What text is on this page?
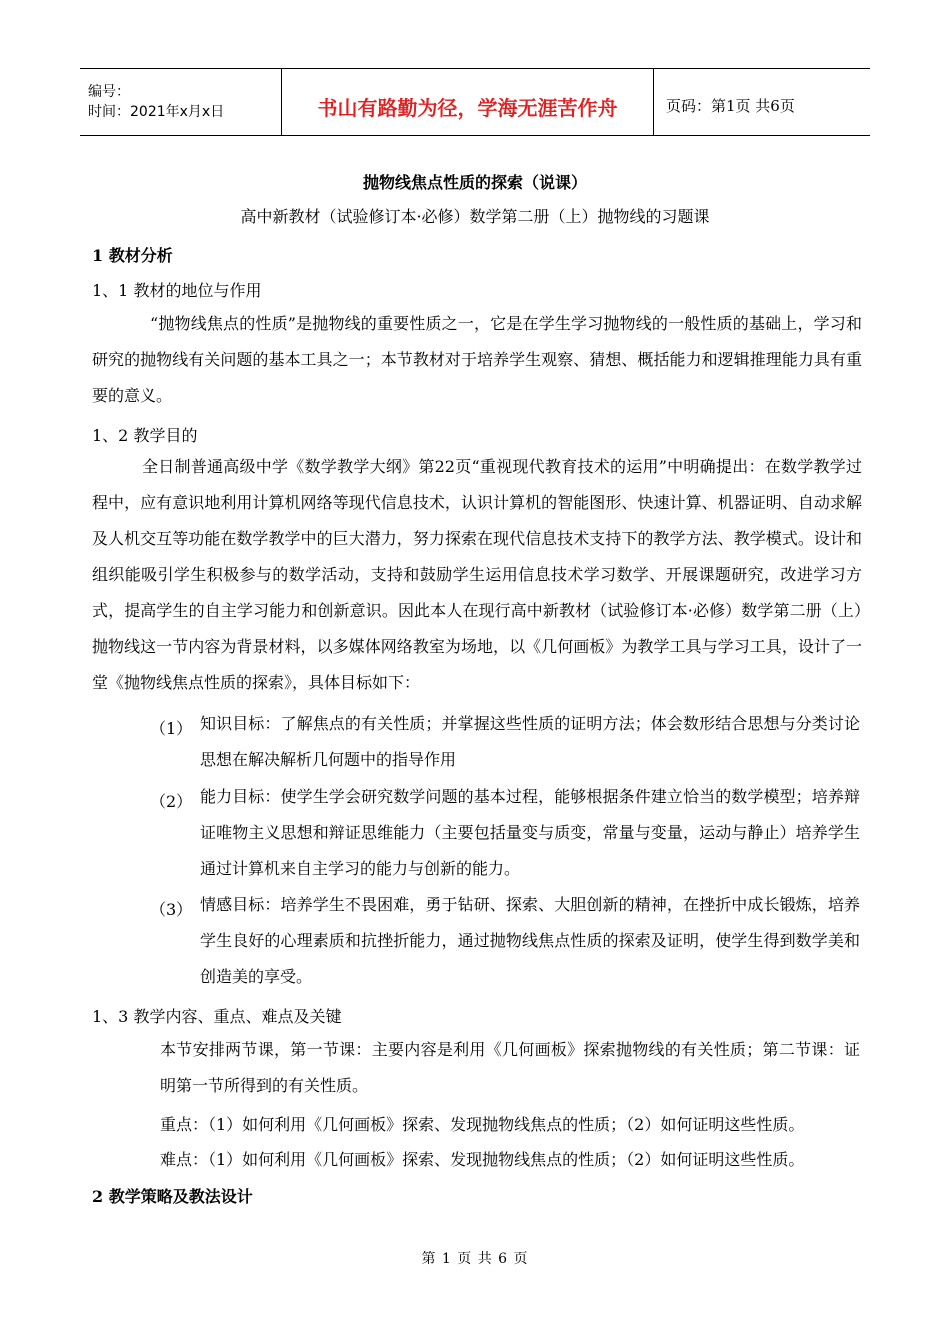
编号：
时间：2021年x月x日	书山有路勤为径，学海无涯苦作舟	页码：第1页 共6页
抛物线焦点性质的探索（说课）
高中新教材（试验修订本·必修）数学第二册（上）抛物线的习题课
1 教材分析
1、1 教材的地位与作用
“抛物线焦点的性质”是抛物线的重要性质之一，它是在学生学习抛物线的一般性质的基础上，学习和研究的抛物线有关问题的基本工具之一；本节教材对于培养学生观察、猜想、概括能力和逻辑推理能力具有重要的意义。
1、2 教学目的
全日制普通高级中学《数学教学大纲》第22页“重视现代教育技术的运用”中明确提出：在数学教学过程中，应有意识地利用计算机网络等现代信息技术，认识计算机的智能图形、快速计算、机器证明、自动求解及人机交互等功能在数学教学中的巨大潜力，努力探索在现代信息技术支持下的教学方法、教学模式。设计和组织能吸引学生积极参与的数学活动，支持和鼓励学生运用信息技术学习数学、开展课题研究，改进学习方式，提高学生的自主学习能力和创新意识。因此本人在现行高中新教材（试验修订本·必修）数学第二册（上）抛物线这一节内容为背景材料，以多媒体网络教室为场地，以《几何画板》为教学工具与学习工具，设计了一堂《抛物线焦点性质的探索》，具体目标如下：
（1） 知识目标：了解焦点的有关性质；并掌握这些性质的证明方法；体会数形结合思想与分类讨论思想在解决解析几何题中的指导作用
（2） 能力目标：使学生学会研究数学问题的基本过程，能够根据条件建立恰当的数学模型；培养辩证唯物主义思想和辩证思维能力（主要包括量变与质变，常量与变量，运动与静止）培养学生通过计算机来自主学习的能力与创新的能力。
（3） 情感目标：培养学生不畏困难，勇于钻研、探索、大胆创新的精神，在挫折中成长锻炼，培养学生良好的心理素质和抗挫折能力，通过抛物线焦点性质的探索及证明，使学生得到数学美和创造美的享受。
1、3 教学内容、重点、难点及关键
本节安排两节课，第一节课：主要内容是利用《几何画板》探索抛物线的有关性质；第二节课：证明第一节所得到的有关性质。
重点：（1）如何利用《几何画板》探索、发现抛物线焦点的性质；（2）如何证明这些性质。
难点：（1）如何利用《几何画板》探索、发现抛物线焦点的性质；（2）如何证明这些性质。
2 教学策略及教法设计
第 1 页 共 6 页
